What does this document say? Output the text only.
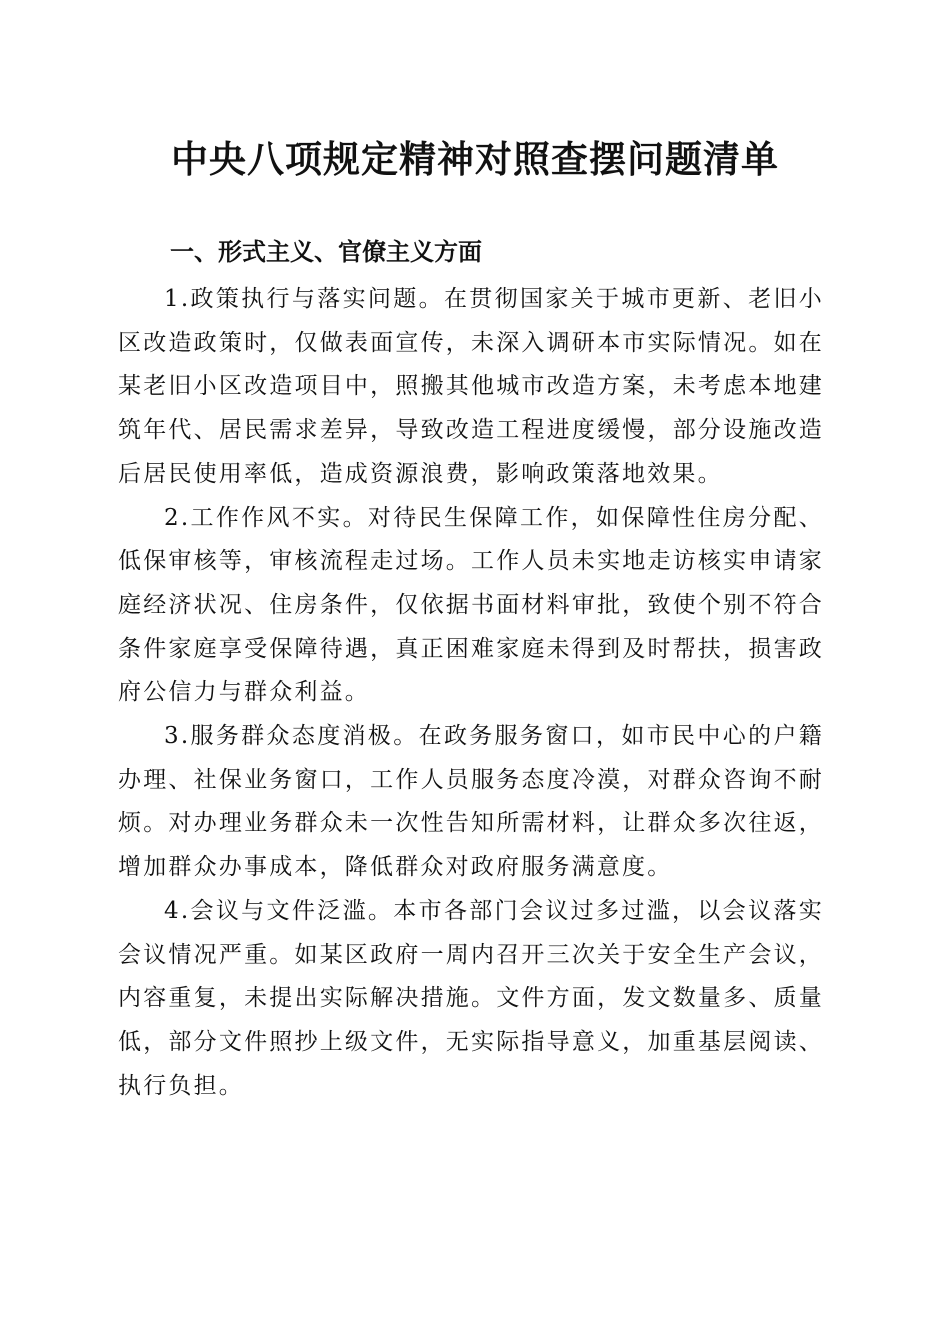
中央八项规定精神对照查摆问题清单
一、形式主义、官僚主义方面

1.政策执行与落实问题。在贯彻国家关于城市更新、老旧小区改造政策时，仅做表面宣传，未深入调研本市实际情况。如在某老旧小区改造项目中，照搬其他城市改造方案，未考虑本地建筑年代、居民需求差异，导致改造工程进度缓慢，部分设施改造后居民使用率低，造成资源浪费，影响政策落地效果。

2.工作作风不实。对待民生保障工作，如保障性住房分配、低保审核等，审核流程走过场。工作人员未实地走访核实申请家庭经济状况、住房条件，仅依据书面材料审批，致使个别不符合条件家庭享受保障待遇，真正困难家庭未得到及时帮扶，损害政府公信力与群众利益。

3.服务群众态度消极。在政务服务窗口，如市民中心的户籍办理、社保业务窗口，工作人员服务态度冷漠，对群众咨询不耐烦。对办理业务群众未一次性告知所需材料，让群众多次往返，增加群众办事成本，降低群众对政府服务满意度。

4.会议与文件泛滥。本市各部门会议过多过滥，以会议落实会议情况严重。如某区政府一周内召开三次关于安全生产会议，内容重复，未提出实际解决措施。文件方面，发文数量多、质量低，部分文件照抄上级文件，无实际指导意义，加重基层阅读、执行负担。
